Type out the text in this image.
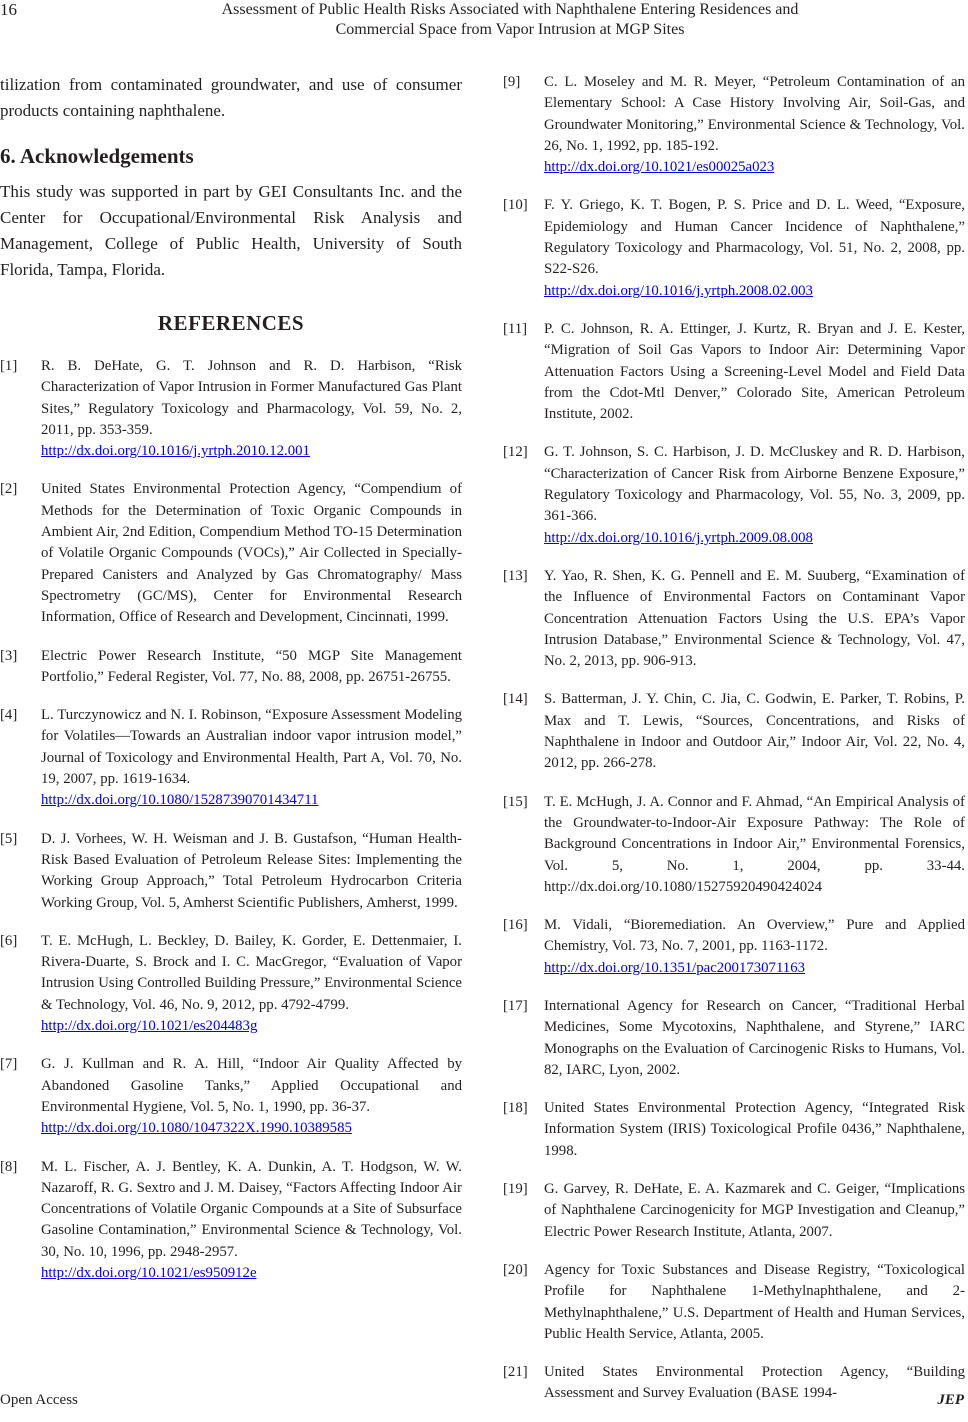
16	Assessment of Public Health Risks Associated with Naphthalene Entering Residences and
Commercial Space from Vapor Intrusion at MGP Sites

tilization from contaminated groundwater, and use of consumer products containing naphthalene.

6. Acknowledgements

This study was supported in part by GEI Consultants Inc. and the Center for Occupational/Environmental Risk Analysis and Management, College of Public Health, University of South Florida, Tampa, Florida.

REFERENCES
[1] R. B. DeHate, G. T. Johnson and R. D. Harbison, “Risk Characterization of Vapor Intrusion in Former Manufactured Gas Plant Sites,” Regulatory Toxicology and Pharmacology, Vol. 59, No. 2, 2011, pp. 353-359.
http://dx.doi.org/10.1016/j.yrtph.2010.12.001
[2] United States Environmental Protection Agency, “Compendium of Methods for the Determination of Toxic Organic Compounds in Ambient Air, 2nd Edition, Compendium Method TO-15 Determination of Volatile Organic Compounds (VOCs),” Air Collected in Specially-Prepared Canisters and Analyzed by Gas Chromatography/ Mass Spectrometry (GC/MS), Center for Environmental Research Information, Office of Research and Development, Cincinnati, 1999.
[3] Electric Power Research Institute, “50 MGP Site Management Portfolio,” Federal Register, Vol. 77, No. 88, 2008, pp. 26751-26755.
[4] L. Turczynowicz and N. I. Robinson, “Exposure Assessment Modeling for Volatiles—Towards an Australian indoor vapor intrusion model,” Journal of Toxicology and Environmental Health, Part A, Vol. 70, No. 19, 2007, pp. 1619-1634.
http://dx.doi.org/10.1080/15287390701434711
[5] D. J. Vorhees, W. H. Weisman and J. B. Gustafson, “Human Health-Risk Based Evaluation of Petroleum Release Sites: Implementing the Working Group Approach,” Total Petroleum Hydrocarbon Criteria Working Group, Vol. 5, Amherst Scientific Publishers, Amherst, 1999.
[6] T. E. McHugh, L. Beckley, D. Bailey, K. Gorder, E. Dettenmaier, I. Rivera-Duarte, S. Brock and I. C. MacGregor, “Evaluation of Vapor Intrusion Using Controlled Building Pressure,” Environmental Science & Technology, Vol. 46, No. 9, 2012, pp. 4792-4799.
http://dx.doi.org/10.1021/es204483g
[7] G. J. Kullman and R. A. Hill, “Indoor Air Quality Affected by Abandoned Gasoline Tanks,” Applied Occupational and Environmental Hygiene, Vol. 5, No. 1, 1990, pp. 36-37.
http://dx.doi.org/10.1080/1047322X.1990.10389585
[8] M. L. Fischer, A. J. Bentley, K. A. Dunkin, A. T. Hodgson, W. W. Nazaroff, R. G. Sextro and J. M. Daisey, “Factors Affecting Indoor Air Concentrations of Volatile Organic Compounds at a Site of Subsurface Gasoline Contamination,” Environmental Science & Technology, Vol. 30, No. 10, 1996, pp. 2948-2957.
http://dx.doi.org/10.1021/es950912e
[9] C. L. Moseley and M. R. Meyer, “Petroleum Contamination of an Elementary School: A Case History Involving Air, Soil-Gas, and Groundwater Monitoring,” Environmental Science & Technology, Vol. 26, No. 1, 1992, pp. 185-192.
http://dx.doi.org/10.1021/es00025a023
[10] F. Y. Griego, K. T. Bogen, P. S. Price and D. L. Weed, “Exposure, Epidemiology and Human Cancer Incidence of Naphthalene,” Regulatory Toxicology and Pharmacology, Vol. 51, No. 2, 2008, pp. S22-S26.
http://dx.doi.org/10.1016/j.yrtph.2008.02.003
[11] P. C. Johnson, R. A. Ettinger, J. Kurtz, R. Bryan and J. E. Kester, “Migration of Soil Gas Vapors to Indoor Air: Determining Vapor Attenuation Factors Using a Screening-Level Model and Field Data from the Cdot-Mtl Denver,” Colorado Site, American Petroleum Institute, 2002.
[12] G. T. Johnson, S. C. Harbison, J. D. McCluskey and R. D. Harbison, “Characterization of Cancer Risk from Airborne Benzene Exposure,” Regulatory Toxicology and Pharmacology, Vol. 55, No. 3, 2009, pp. 361-366.
http://dx.doi.org/10.1016/j.yrtph.2009.08.008
[13] Y. Yao, R. Shen, K. G. Pennell and E. M. Suuberg, “Examination of the Influence of Environmental Factors on Contaminant Vapor Concentration Attenuation Factors Using the U.S. EPA’s Vapor Intrusion Database,” Environmental Science & Technology, Vol. 47, No. 2, 2013, pp. 906-913.
[14] S. Batterman, J. Y. Chin, C. Jia, C. Godwin, E. Parker, T. Robins, P. Max and T. Lewis, “Sources, Concentrations, and Risks of Naphthalene in Indoor and Outdoor Air,” Indoor Air, Vol. 22, No. 4, 2012, pp. 266-278.
[15] T. E. McHugh, J. A. Connor and F. Ahmad, “An Empirical Analysis of the Groundwater-to-Indoor-Air Exposure Pathway: The Role of Background Concentrations in Indoor Air,” Environmental Forensics, Vol. 5, No. 1, 2004, pp. 33-44. http://dx.doi.org/10.1080/15275920490424024
[16] M. Vidali, “Bioremediation. An Overview,” Pure and Applied Chemistry, Vol. 73, No. 7, 2001, pp. 1163-1172.
http://dx.doi.org/10.1351/pac200173071163
[17] International Agency for Research on Cancer, “Traditional Herbal Medicines, Some Mycotoxins, Naphthalene, and Styrene,” IARC Monographs on the Evaluation of Carcinogenic Risks to Humans, Vol. 82, IARC, Lyon, 2002.
[18] United States Environmental Protection Agency, “Integrated Risk Information System (IRIS) Toxicological Profile 0436,” Naphthalene, 1998.
[19] G. Garvey, R. DeHate, E. A. Kazmarek and C. Geiger, “Implications of Naphthalene Carcinogenicity for MGP Investigation and Cleanup,” Electric Power Research Institute, Atlanta, 2007.
[20] Agency for Toxic Substances and Disease Registry, “Toxicological Profile for Naphthalene 1-Methylnaphthalene, and 2-Methylnaphthalene,” U.S. Department of Health and Human Services, Public Health Service, Atlanta, 2005.
[21] United States Environmental Protection Agency, “Building Assessment and Survey Evaluation (BASE 1994-
Open Access	JEP
